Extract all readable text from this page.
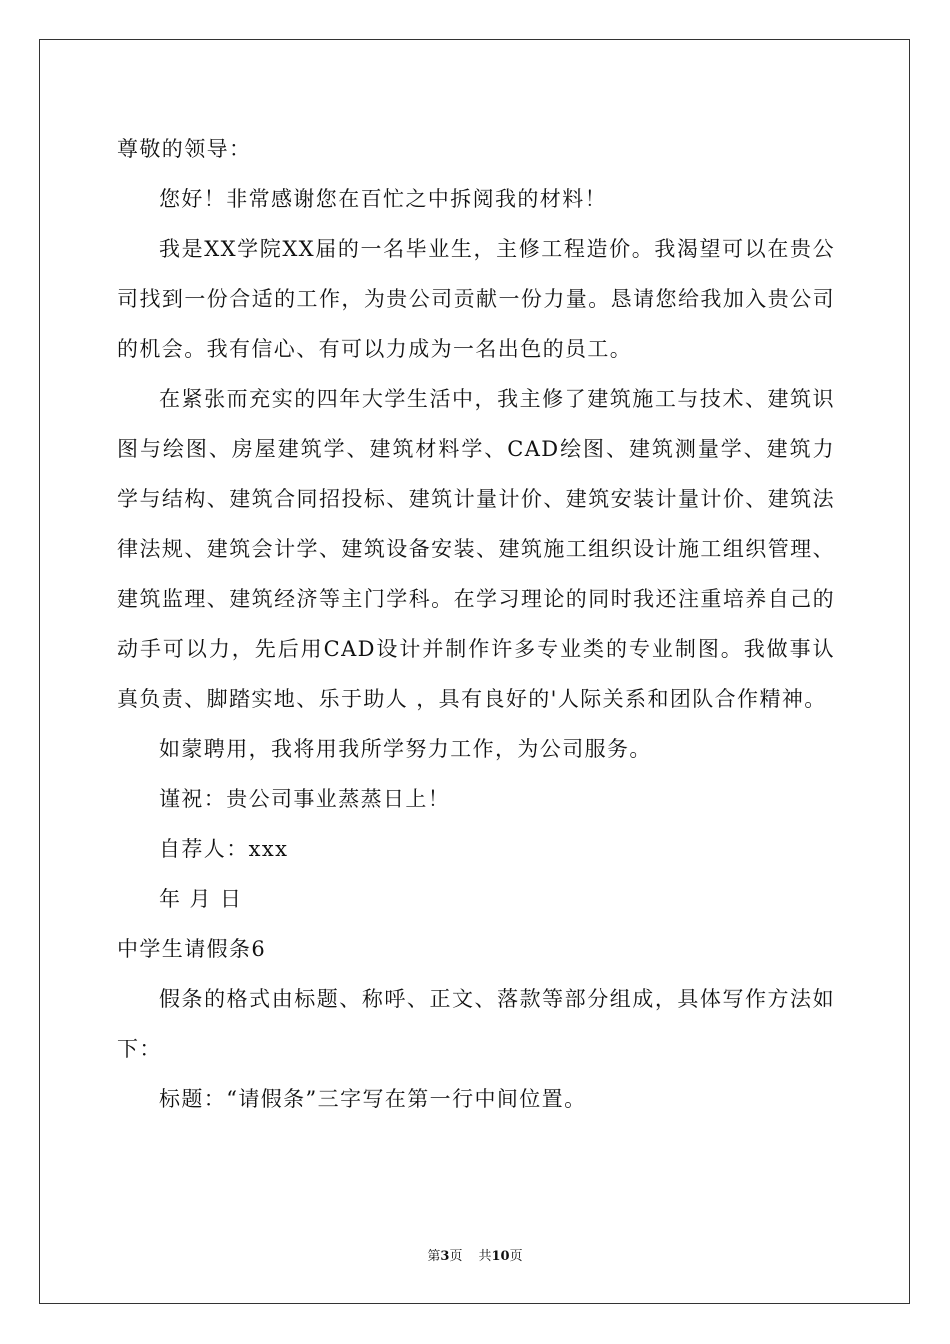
尊敬的领导：

您好！非常感谢您在百忙之中拆阅我的材料！

我是XX学院XX届的一名毕业生，主修工程造价。我渴望可以在贵公司找到一份合适的工作，为贵公司贡献一份力量。恳请您给我加入贵公司的机会。我有信心、有可以力成为一名出色的员工。

在紧张而充实的四年大学生活中，我主修了建筑施工与技术、建筑识图与绘图、房屋建筑学、建筑材料学、CAD绘图、建筑测量学、建筑力学与结构、建筑合同招投标、建筑计量计价、建筑安装计量计价、建筑法律法规、建筑会计学、建筑设备安装、建筑施工组织设计施工组织管理、建筑监理、建筑经济等主门学科。在学习理论的同时我还注重培养自己的动手可以力，先后用CAD设计并制作许多专业类的专业制图。我做事认真负责、脚踏实地、乐于助人 ，具有良好的'人际关系和团队合作精神。

如蒙聘用，我将用我所学努力工作，为公司服务。

谨祝：贵公司事业蒸蒸日上！

自荐人：xxx

年 月 日

中学生请假条6

假条的格式由标题、称呼、正文、落款等部分组成，具体写作方法如下：

标题：“请假条”三字写在第一行中间位置。

第3页 共10页
